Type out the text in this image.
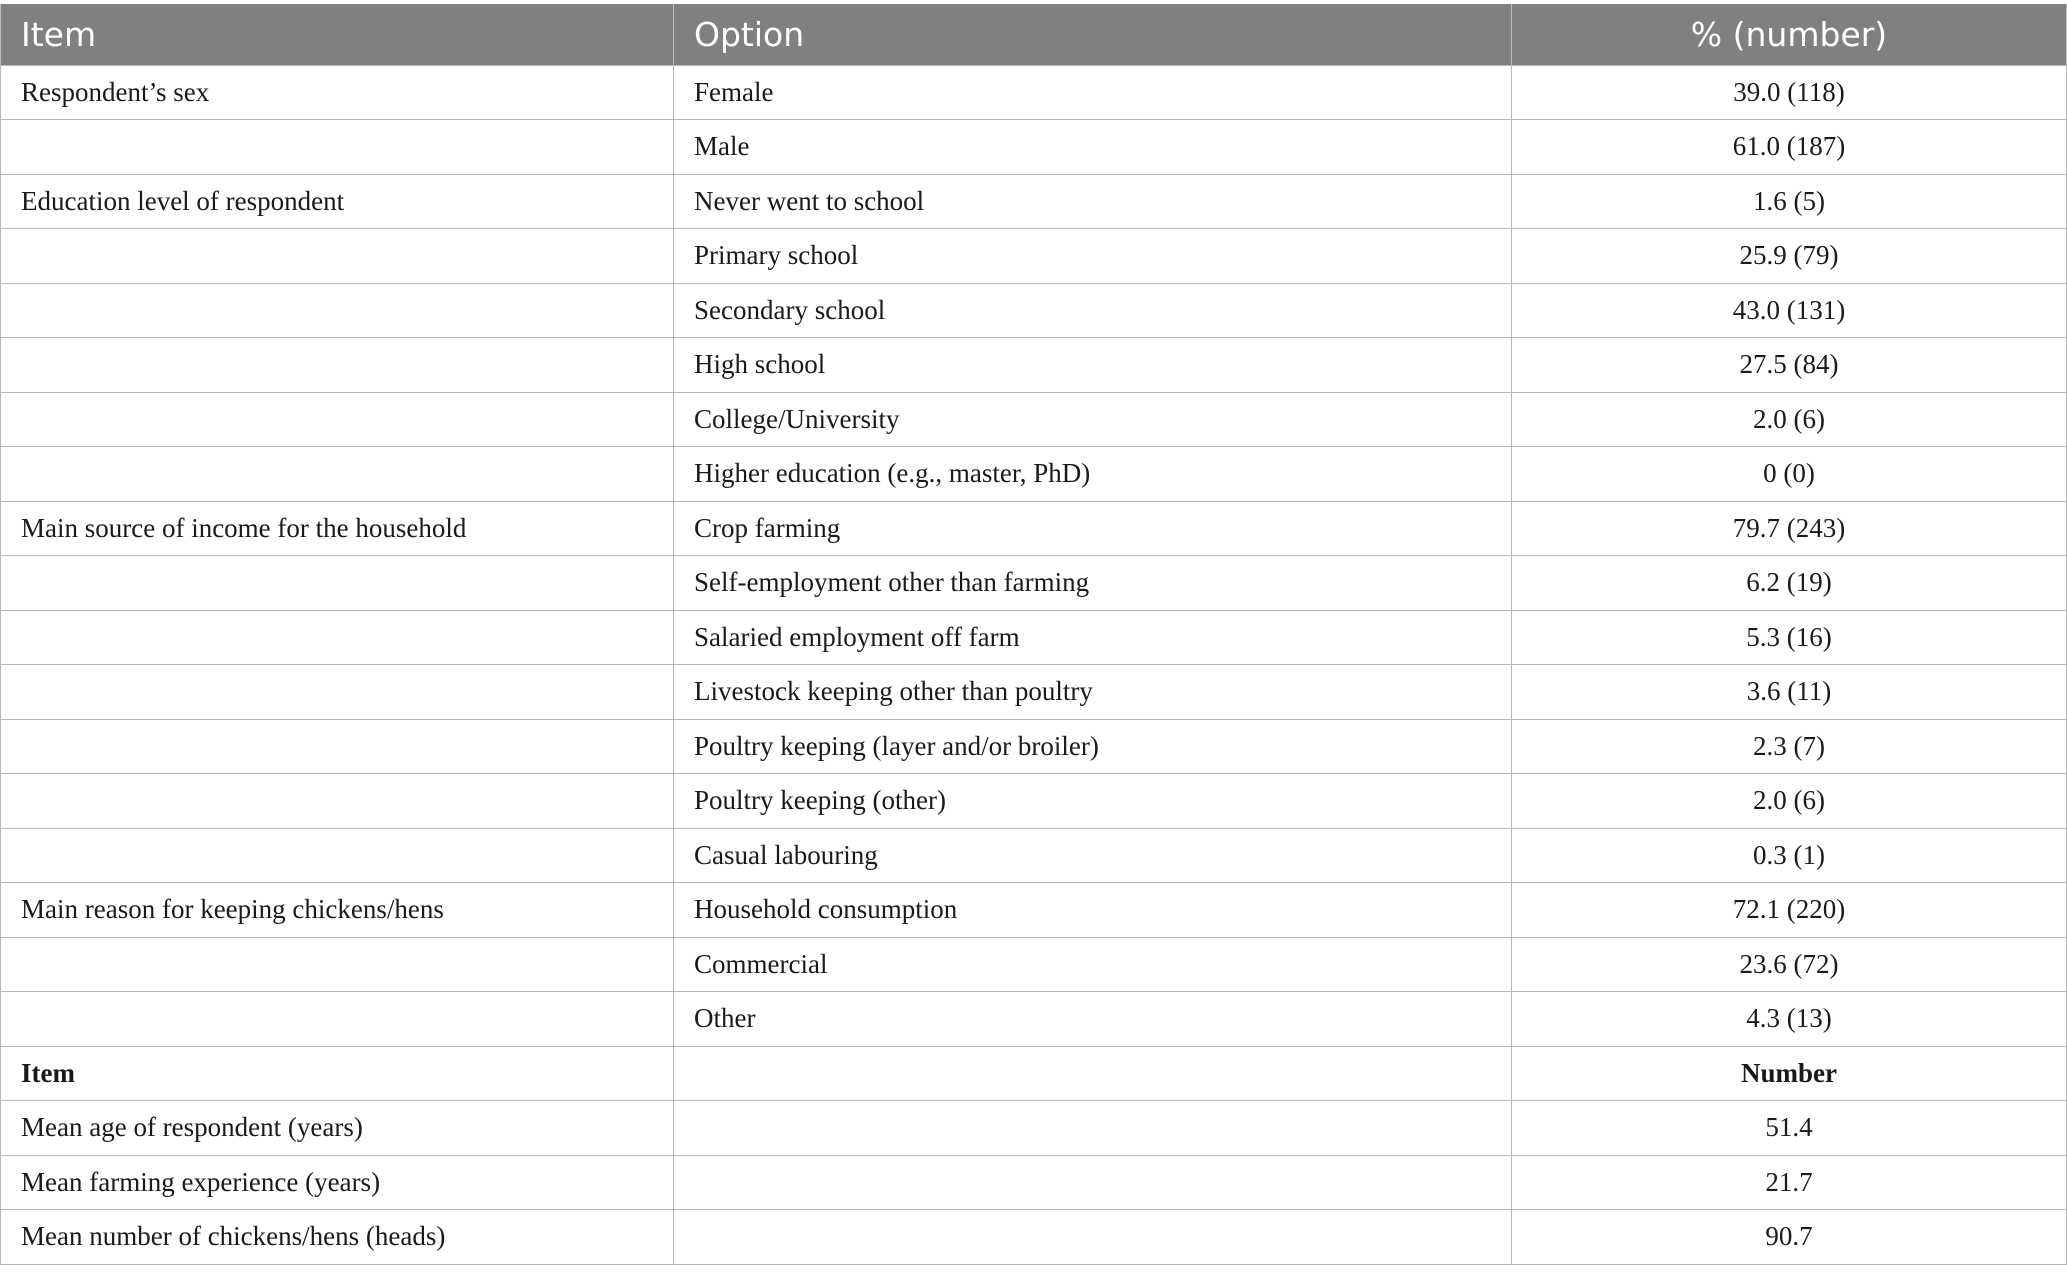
Item	Option	% (number)
Respondent’s sex	Female	39.0 (118)
	Male	61.0 (187)
Education level of respondent	Never went to school	1.6 (5)
	Primary school	25.9 (79)
	Secondary school	43.0 (131)
	High school	27.5 (84)
	College/University	2.0 (6)
	Higher education (e.g., master, PhD)	0 (0)
Main source of income for the household	Crop farming	79.7 (243)
	Self-employment other than farming	6.2 (19)
	Salaried employment off farm	5.3 (16)
	Livestock keeping other than poultry	3.6 (11)
	Poultry keeping (layer and/or broiler)	2.3 (7)
	Poultry keeping (other)	2.0 (6)
	Casual labouring	0.3 (1)
Main reason for keeping chickens/hens	Household consumption	72.1 (220)
	Commercial	23.6 (72)
	Other	4.3 (13)
Item		Number
Mean age of respondent (years)		51.4
Mean farming experience (years)		21.7
Mean number of chickens/hens (heads)		90.7
